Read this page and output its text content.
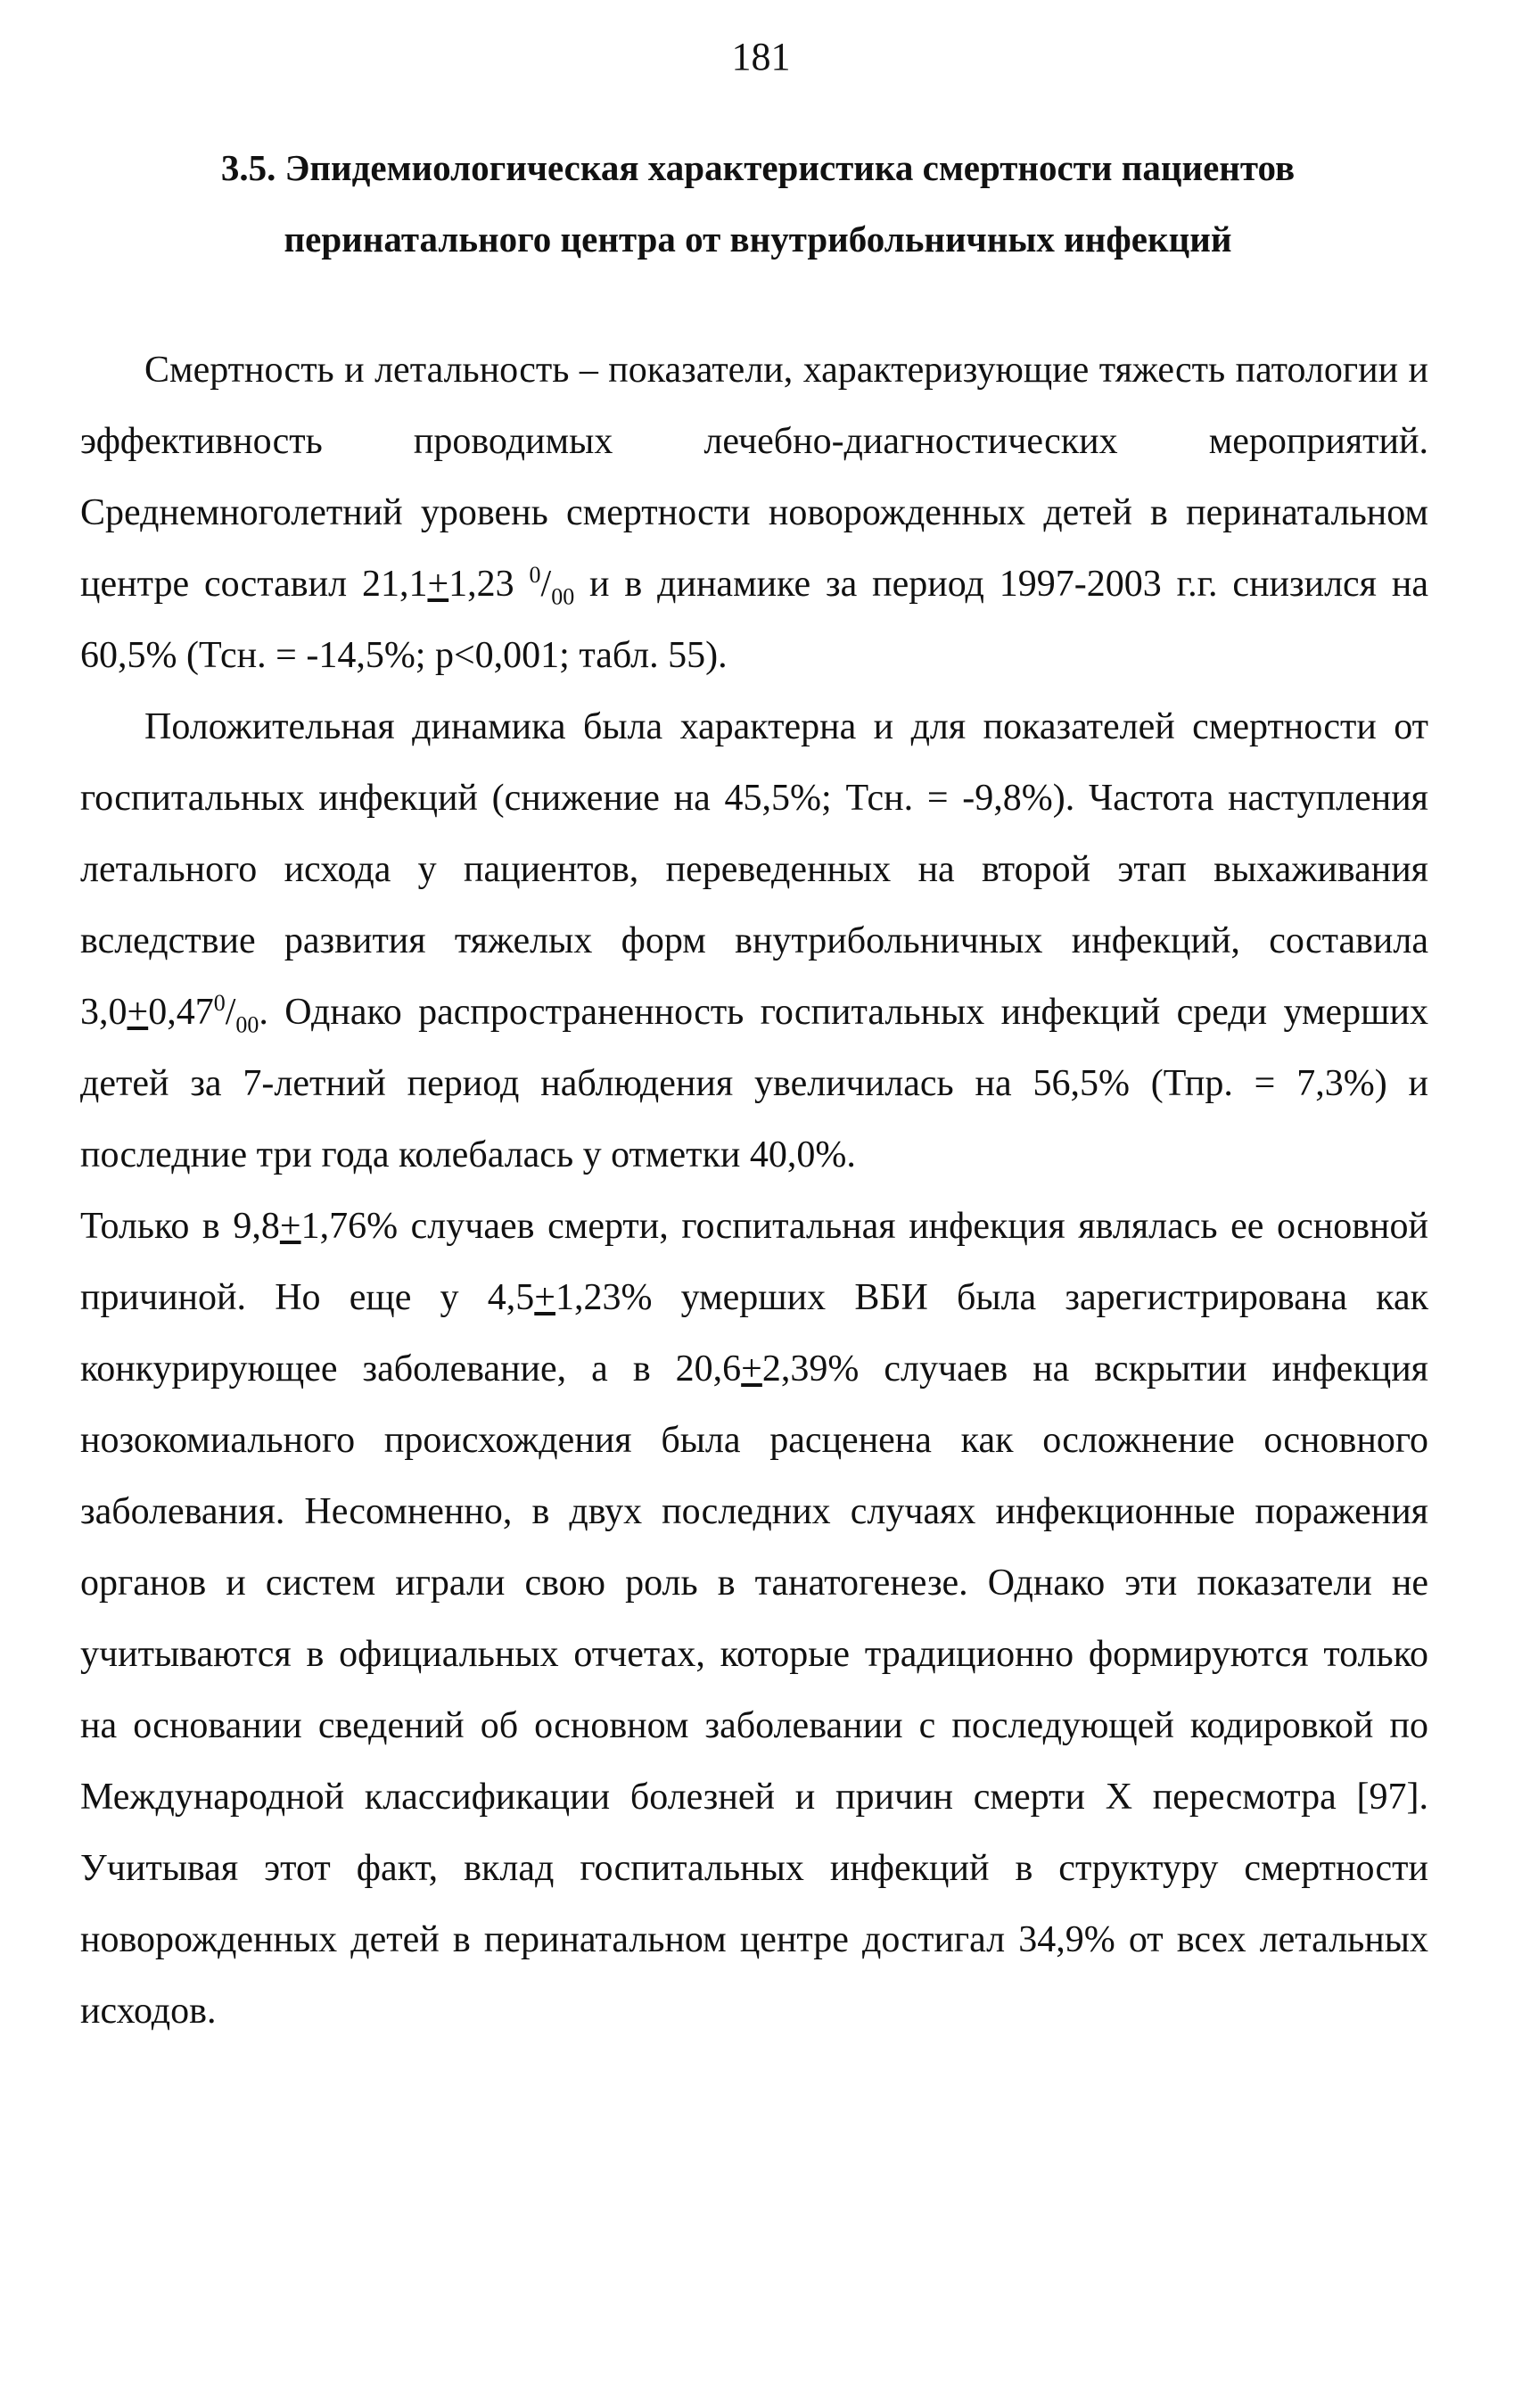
181
3.5. Эпидемиологическая характеристика смертности пациентов
перинатального центра от внутрибольничных инфекций

Смертность и летальность – показатели, характеризующие тяжесть патологии и эффективность проводимых лечебно-диагностических мероприятий. Среднемноголетний уровень смертности новорожденных детей в перинатальном центре составил 21,1+1,23 $^0/_{00}$ и в динамике за период 1997-2003 г.г. снизился на 60,5% (Тсн. = -14,5%; p<0,001; табл. 55).

Положительная динамика была характерна и для показателей смертности от госпитальных инфекций (снижение на 45,5%; Тсн. = -9,8%). Частота наступления летального исхода у пациентов, переведенных на второй этап выхаживания вследствие развития тяжелых форм внутрибольничных инфекций, составила $3,0+0,47^0/_{00}$. Однако распространенность госпитальных инфекций среди умерших детей за 7-летний период наблюдения увеличилась на 56,5% (Тпр. = 7,3%) и последние три года колебалась у отметки 40,0%.

Только в 9,8+1,76% случаев смерти, госпитальная инфекция являлась ее основной причиной. Но еще у 4,5+1,23% умерших ВБИ была зарегистрирована как конкурирующее заболевание, а в 20,6+2,39% случаев на вскрытии инфекция нозокомиального происхождения была расценена как осложнение основного заболевания. Несомненно, в двух последних случаях инфекционные поражения органов и систем играли свою роль в танатогенезе. Однако эти показатели не учитываются в официальных отчетах, которые традиционно формируются только на основании сведений об основном заболевании с последующей кодировкой по Международной классификации болезней и причин смерти X пересмотра [97]. Учитывая этот факт, вклад госпитальных инфекций в структуру смертности новорожденных детей в перинатальном центре достигал 34,9% от всех летальных исходов.
